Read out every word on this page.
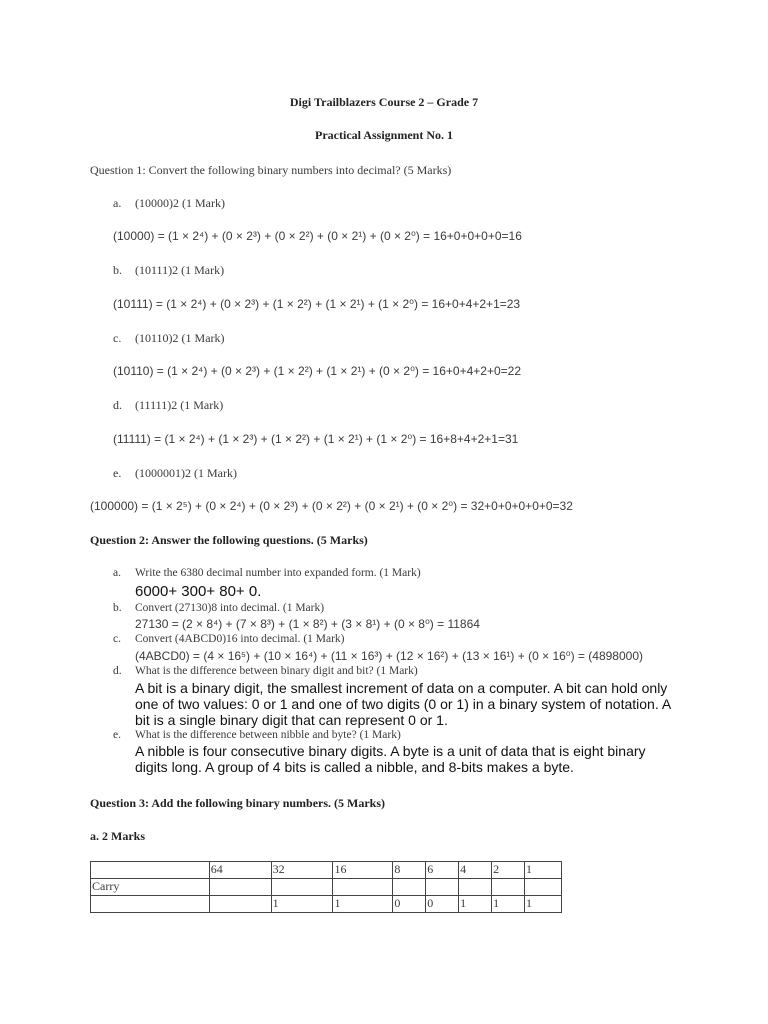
Digi Trailblazers Course 2 – Grade 7
Practical Assignment No. 1
Question 1: Convert the following binary numbers into decimal? (5 Marks)
a. (10000)2 (1 Mark)
(10000) = (1 × 2⁴) + (0 × 2³) + (0 × 2²) + (0 × 2¹) + (0 × 2⁰) = 16+0+0+0+0=16
b. (10111)2 (1 Mark)
(10111) = (1 × 2⁴) + (0 × 2³) + (1 × 2²) + (1 × 2¹) + (1 × 2⁰) = 16+0+4+2+1=23
c. (10110)2 (1 Mark)
(10110) = (1 × 2⁴) + (0 × 2³) + (1 × 2²) + (1 × 2¹) + (0 × 2⁰) = 16+0+4+2+0=22
d. (11111)2 (1 Mark)
(11111) = (1 × 2⁴) + (1 × 2³) + (1 × 2²) + (1 × 2¹) + (1 × 2⁰) = 16+8+4+2+1=31
e. (1000001)2 (1 Mark)
(100000) = (1 × 2⁵) + (0 × 2⁴) + (0 × 2³) + (0 × 2²) + (0 × 2¹) + (0 × 2⁰) = 32+0+0+0+0+0=32
Question 2: Answer the following questions. (5 Marks)
a. Write the 6380 decimal number into expanded form. (1 Mark)
6000+ 300+ 80+ 0.
b. Convert (27130)8 into decimal. (1 Mark)
27130 = (2 × 8⁴) + (7 × 8³) + (1 × 8²) + (3 × 8¹) + (0 × 8⁰) = 11864
c. Convert (4ABCD0)16 into decimal. (1 Mark)
(4ABCD0) = (4 × 16⁵) + (10 × 16⁴) + (11 × 16³) + (12 × 16²) + (13 × 16¹) + (0 × 16⁰) = (4898000)
d. What is the difference between binary digit and bit? (1 Mark)
A bit is a binary digit, the smallest increment of data on a computer. A bit can hold only one of two values: 0 or 1 and one of two digits (0 or 1) in a binary system of notation. A bit is a single binary digit that can represent 0 or 1.
e. What is the difference between nibble and byte? (1 Mark)
A nibble is four consecutive binary digits. A byte is a unit of data that is eight binary digits long. A group of 4 bits is called a nibble, and 8-bits makes a byte.
Question 3: Add the following binary numbers. (5 Marks)
a. 2 Marks
	64	32	16	8	6	4	2	1
Carry								
		1	1	0	0	1	1	1
